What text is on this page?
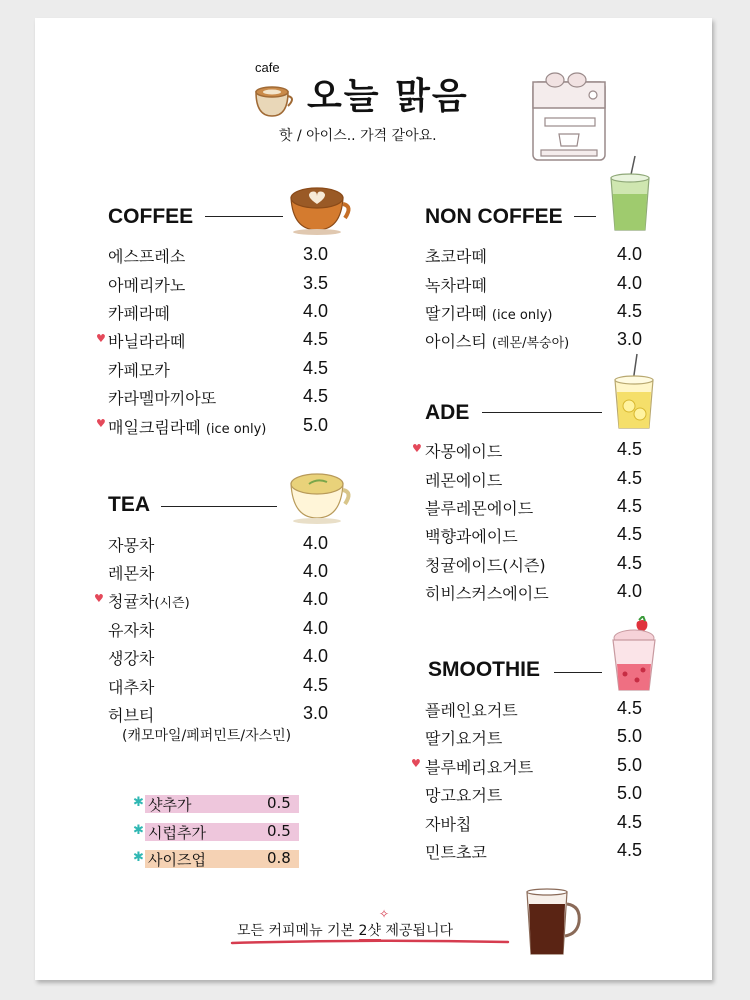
cafe
오늘 맑음
핫 / 아이스.. 가격 같아요.
COFFEE
에스프레소	3.0
아메리카노	3.5
카페라떼	4.0
♥ 바닐라라떼	4.5
카페모카	4.5
카라멜마끼아또	4.5
♥ 매일크림라떼 (ice only) 5.0
TEA
자몽차	4.0
레몬차	4.0
♥ 청귤차(시즌)	4.0
유자차	4.0
생강차	4.0
대추차	4.5
허브티	3.0
(캐모마일/페퍼민트/자스민)
✱ 샷추가	0.5
✱ 시럽추가	0.5
✱ 사이즈업	0.8
NON COFFEE
초코라떼	4.0
녹차라떼	4.0
딸기라떼 (ice only)	4.5
아이스티 (레몬/복숭아)	3.0
ADE
♥ 자몽에이드	4.5
레몬에이드	4.5
블루레몬에이드	4.5
백향과에이드	4.5
청귤에이드(시즌)	4.5
히비스커스에이드	4.0
SMOOTHIE
플레인요거트	4.5
딸기요거트	5.0
♥ 블루베리요거트	5.0
망고요거트	5.0
자바칩	4.5
민트초코	4.5
모든 커피메뉴 기본 2샷 제공됩니다
✧
